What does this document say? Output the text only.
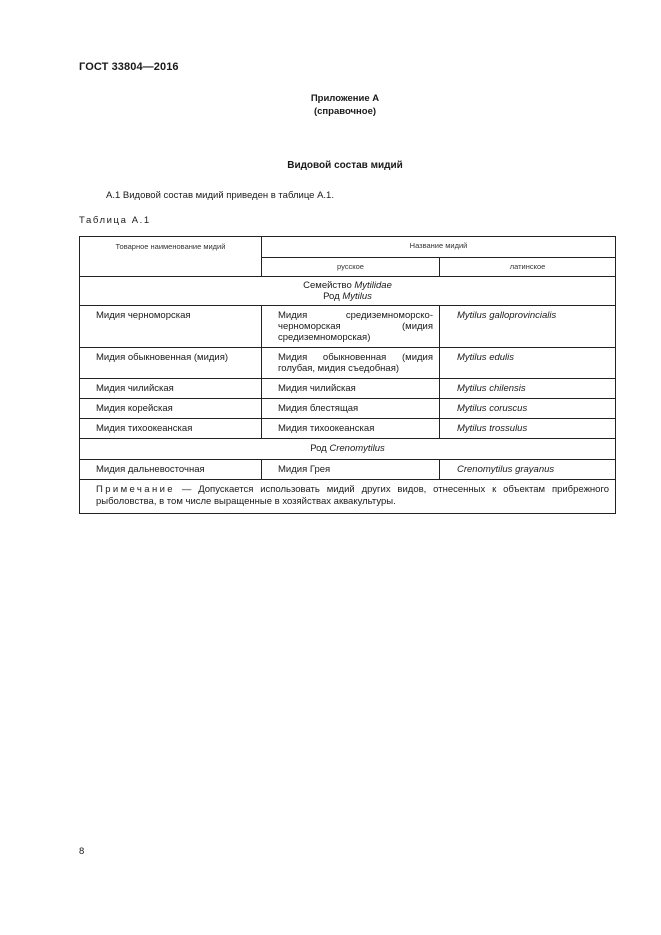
ГОСТ 33804—2016
Приложение А
(справочное)
Видовой состав мидий
А.1 Видовой состав мидий приведен в таблице А.1.
Таблица А.1
Товарное наименование мидий	Название мидий	
	русское	латинское

Семейство Mytilidae
Род Mytilus		

Мидия черноморская	Мидия средиземноморско-черноморская (мидия средиземноморская)	Mytilus galloprovincialis
Мидия обыкновенная (мидия)	Мидия обыкновенная (мидия голубая, мидия съедобная)	Mytilus edulis
Мидия чилийская	Мидия чилийская	Mytilus chilensis
Мидия корейская	Мидия блестящая	Mytilus coruscus
Мидия тихоокеанская	Мидия тихоокеанская	Mytilus trossulus
Род Crenomytilus		
Мидия дальневосточная	Мидия Грея	Crenomytilus grayanus
Примечание — Допускается использовать мидий других видов, отнесенных к объектам прибрежного рыболовства, в том числе выращенные в хозяйствах аквакультуры.		
8
